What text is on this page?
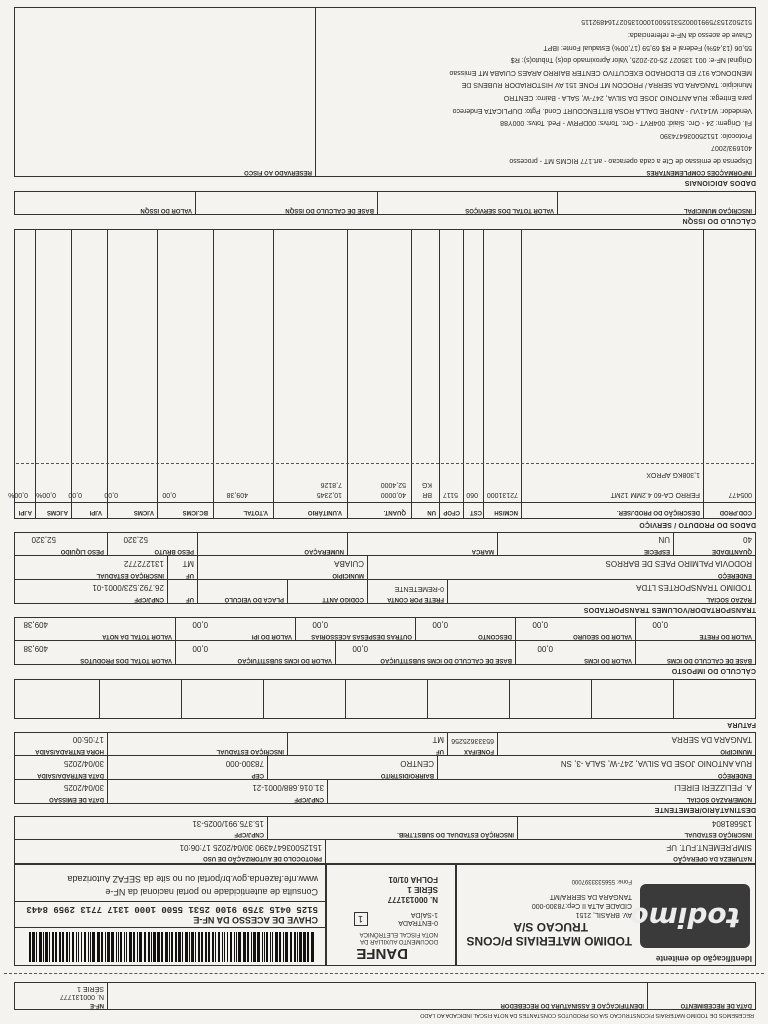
RECEBEMOS DE TODIMO MATERIAIS P/CONSTRUCAO S/A OS PRODUTOS CONSTANTES DA NOTA FISCAL INDICADA AO LADO
DATA DE RECEBIMENTO
IDENTIFICAÇÃO E ASSINATURA DO RECEBEDOR
NF-E
N. 000131777
SÉRIE 1
Identificação do emitente
todimo
TODIMO MATERIAIS P/CONS
TRUCAO S/A
AV. BRASIL, 2151
CIDADE ALTA II Cep:78300-000
TANGARA DA SERRA/MT
Fone: 5565333397000
DANFE
DOCUMENTO AUXILIAR DA
NOTA FISCAL ELETRÔNICA
0-ENTRADA
1-SAÍDA
1
N. 000131777
SÉRIE 1
FOLHA 01/01
CHAVE DE ACESSO DA NF-E
5125 0415 3759 9100 2531 5500 1000 1317 7713 2959 8443
Consulta de autenticidade no portal nacional da NF-e
www.nfe.fazenda.gov.br/portal ou no site da SEFAZ Autorizada
NATUREZA DA OPERAÇÃO
SIMP.REMENT.FUT. UF
PROTOCOLO DE AUTORIZAÇÃO DE USO
151250036474390 30/04/2025 17:06:01
INSCRIÇÃO ESTADUAL
135681804
INSCRIÇÃO ESTADUAL DO SUBST.TRIB.
CNPJ/CPF
15.375.991/0025-31
DESTINATÁRIO/REMETENTE
NOME/RAZÃO SOCIAL
A. PELIZZERI EIRELI
CNPJ/CPF
31.016.688/0001-21
DATA DE EMISSÃO
30/04/2025
ENDEREÇO
RUA ANTONIO JOSE DA SILVA, 247-W, SALA -3, SN
BAIRRO/DISTRITO
CENTRO
CEP
78300-000
DATA ENTRADA/SAÍDA
30/04/2025
MUNICÍPIO
TANGARA DA SERRA
FONE/FAX
65333625256
UF
MT
INSCRIÇÃO ESTADUAL
HORA ENTRADA/SAÍDA
17:05:00
FATURA
CÁLCULO DO IMPOSTO
BASE DE CÁLCULO DO ICMS
VALOR DO ICMS
0,00
BASE DE CÁLCULO DO ICMS SUBSTITUIÇÃO
0,00
VALOR DO ICMS SUBSTITUIÇÃO
0,00
VALOR TOTAL DOS PRODUTOS
409,38
VALOR DO FRETE
0,00
VALOR DO SEGURO
0,00
DESCONTO
0,00
OUTRAS DESPESAS ACESSÓRIAS
0,00
VALOR DO IPI
0,00
VALOR TOTAL DA NOTA
409,38
TRANSPORTADOR/VOLUMES TRANSPORTADOS
RAZÃO SOCIAL
TODIMO TRANSPORTES LTDA
FRETE POR CONTA
0-REMETENTE
CÓDIGO ANTT
PLACA DO VEÍCULO
UF
CNPJ/CPF
26.792.523/0001-01
ENDEREÇO
RODOVIA PALMIRO PAES DE BARROS
MUNICÍPIO
CUIABA
UF
MT
INSCRIÇÃO ESTADUAL
131272772
QUANTIDADE
40
ESPÉCIE
UN
MARCA
NUMERAÇÃO
PESO BRUTO
52,320
PESO LÍQUIDO
52,320
DADOS DO PRODUTO / SERVIÇO
COD.PROD
DESCRIÇÃO DO PROD./SER.
NCM/SH
CST
CFOP
UN
QUANT.
V.UNITÁRIO
V.TOTAL
BC.ICMS
V.ICMS
V.IPI
A.ICMS
A.IPI
005477
FERRO CA-60 4.2MM 12MT
1,308KG APROX
72131000
060
5117
BR
KG
40,0000
52,4000
10,2345
7,8126
409,38
0,00
0,00
0,00
0,00%
0,00%
CÁLCULO DO ISSQN
INSCRIÇÃO MUNICIPAL
VALOR TOTAL DOS SERVIÇOS
BASE DE CÁLCULO DO ISSQN
VALOR DO ISSQN
DADOS ADICIONAIS
INFORMAÇÕES COMPLEMENTARES
RESERVADO AO FISCO
Dispensa de emissao de Cte a cada operacao - art.177 RICMS MT - processo
401693/2007
Protocolo: 151250036474390
Fil. Origem: 24 - Orc. Siaid: 004RVT - Orc. Tortvs: 00DPRW - Ped. Totvs: 000Y88
Vendedor: W141VU - ANDRE DALLA ROSA BITTENCOURT Cond. Pgto: DUPLICATA Endereco
para Entrega: RUA ANTONIO JOSE DA SILVA, 247-W, SALA - Bairro: CENTRO
Municipio: TANGARA DA SERRA / PROCON MT FONE 151 AV HISTORIADOR RUBENS DE
MENDONCA 917 ED ELDORADO EXECUTIVO CENTER BAIRRO ARAES CUIABA MT Emissao
Original NF-e: 001 135027 25-02-2025, Valor Aproximado do(s) Tributo(s): R$
55,06 (13,45%) Federal e R$ 69,59 (17,00%) Estadual Fonte: IBPT
Chave de acesso da NF-e referenciada:
51250215375991000253155001000135027164892115
